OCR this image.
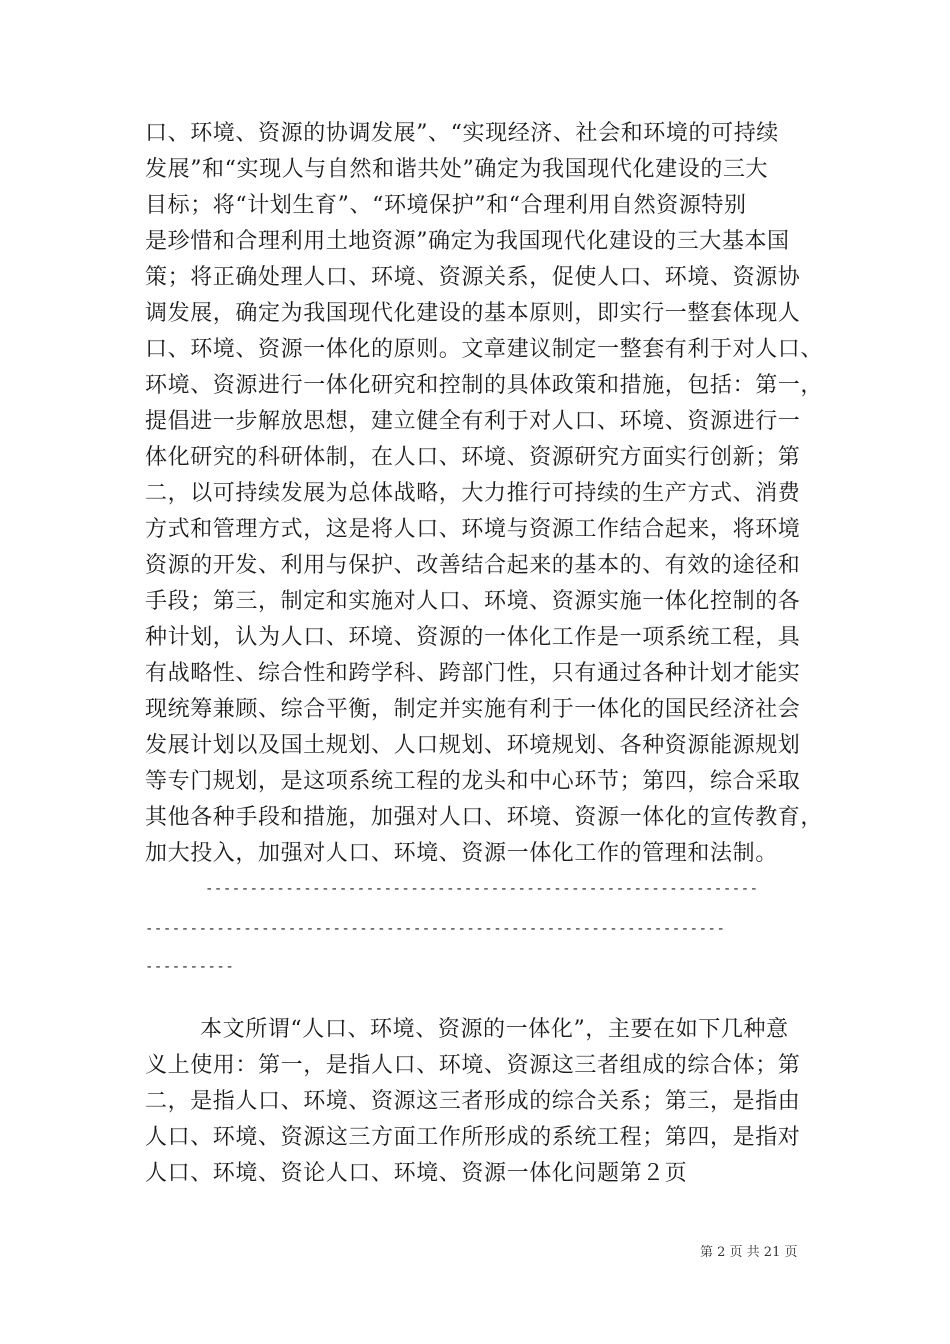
口、环境、资源的协调发展”、“实现经济、社会和环境的可持续
发展”和“实现人与自然和谐共处”确定为我国现代化建设的三大
目标；将“计划生育”、“环境保护”和“合理利用自然资源特别
是珍惜和合理利用土地资源”确定为我国现代化建设的三大基本国
策；将正确处理人口、环境、资源关系，促使人口、环境、资源协
调发展，确定为我国现代化建设的基本原则，即实行一整套体现人
口、环境、资源一体化的原则。文章建议制定一整套有利于对人口、
环境、资源进行一体化研究和控制的具体政策和措施，包括：第一，
提倡进一步解放思想，建立健全有利于对人口、环境、资源进行一
体化研究的科研体制，在人口、环境、资源研究方面实行创新；第
二，以可持续发展为总体战略，大力推行可持续的生产方式、消费
方式和管理方式，这是将人口、环境与资源工作结合起来，将环境
资源的开发、利用与保护、改善结合起来的基本的、有效的途径和
手段；第三，制定和实施对人口、环境、资源实施一体化控制的各
种计划，认为人口、环境、资源的一体化工作是一项系统工程，具
有战略性、综合性和跨学科、跨部门性，只有通过各种计划才能实
现统筹兼顾、综合平衡，制定并实施有利于一体化的国民经济社会
发展计划以及国土规划、人口规划、环境规划、各种资源能源规划
等专门规划，是这项系统工程的龙头和中心环节；第四，综合采取
其他各种手段和措施，加强对人口、环境、资源一体化的宣传教育，
加大投入，加强对人口、环境、资源一体化工作的管理和法制。
--------------------------------------------------------------
-----------------------------------------------------------------
----------
本文所谓“人口、环境、资源的一体化”，主要在如下几种意
义上使用：第一，是指人口、环境、资源这三者组成的综合体；第
二，是指人口、环境、资源这三者形成的综合关系；第三，是指由
人口、环境、资源这三方面工作所形成的系统工程；第四，是指对
人口、环境、资论人口、环境、资源一体化问题第２页
第 2 页 共 21 页
